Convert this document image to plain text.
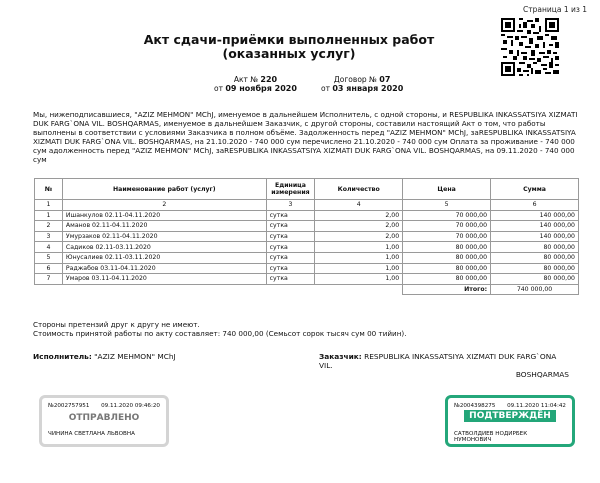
Страница 1 из 1
Акт сдачи-приёмки выполненных работ
(оказанных услуг)
Акт № 220
от 09 ноября 2020
Договор № 07
от 03 января 2020
Мы, нижеподписавшиеся, "AZIZ MEHMON" MChJ, именуемое в дальнейшем Исполнитель, с одной стороны, и RESPUBLIKA INKASSATSIYA XIZMATI DUK FARG`ONA VIL. BOSHQARMAS, именуемое в дальнейшем Заказчик, с другой стороны, составили настоящий Акт о том, что работы выполнены в соответствии с условиями Заказчика в полном объёме. Задолженность перед "AZIZ MEHMON" MChJ, заRESPUBLIKA INKASSATSIYA XIZMATI DUK FARG`ONA VIL. BOSHQARMAS, на 21.10.2020 - 740 000 сум перечислено 21.10.2020 - 740 000 сум Оплата за проживание - 740 000 сум адолженность перед "AZIZ MEHMON" MChJ, заRESPUBLIKA INKASSATSIYA XIZMATI DUK FARG`ONA VIL. BOSHQARMAS, на 09.11.2020 - 740 000 сум
№	Наименование работ (услуг)	Единица измерения	Количество	Цена	Сумма
1	2	3	4	5	6
1	Ишанкулов 02.11-04.11.2020	сутка	2,00	70 000,00	140 000,00
2	Аманов 02.11-04.11.2020	сутка	2,00	70 000,00	140 000,00
3	Умурзаков 02.11-04.11.2020	сутка	2,00	70 000,00	140 000,00
4	Садиков 02.11-03.11.2020	сутка	1,00	80 000,00	80 000,00
5	Юнусалиев 02.11-03.11.2020	сутка	1,00	80 000,00	80 000,00
6	Раджабов 03.11-04.11.2020	сутка	1,00	80 000,00	80 000,00
7	Умаров 03.11-04.11.2020	сутка	1,00	80 000,00	80 000,00
				Итого:	740 000,00
Стороны претензий друг к другу не имеют.
Стоимость принятой работы по акту составляет: 740 000,00 (Семьсот сорок тысяч сум 00 тийин).
Исполнитель: "AZIZ MEHMON" MChJ	Заказчик: RESPUBLIKA INKASSATSIYA XIZMATI DUK FARG`ONA VIL.
BOSHQARMAS
№2002757951 09.11.2020 09:46:20
ОТПРАВЛЕНО
ЧИНИНА СВЕТЛАНА ЛЬВОВНА
№2004398275 09.11.2020 11:04:42
ПОДТВЕРЖДЁН
САТВОЛДИЕВ НОДИРБЕК НУМОНОВИЧ
